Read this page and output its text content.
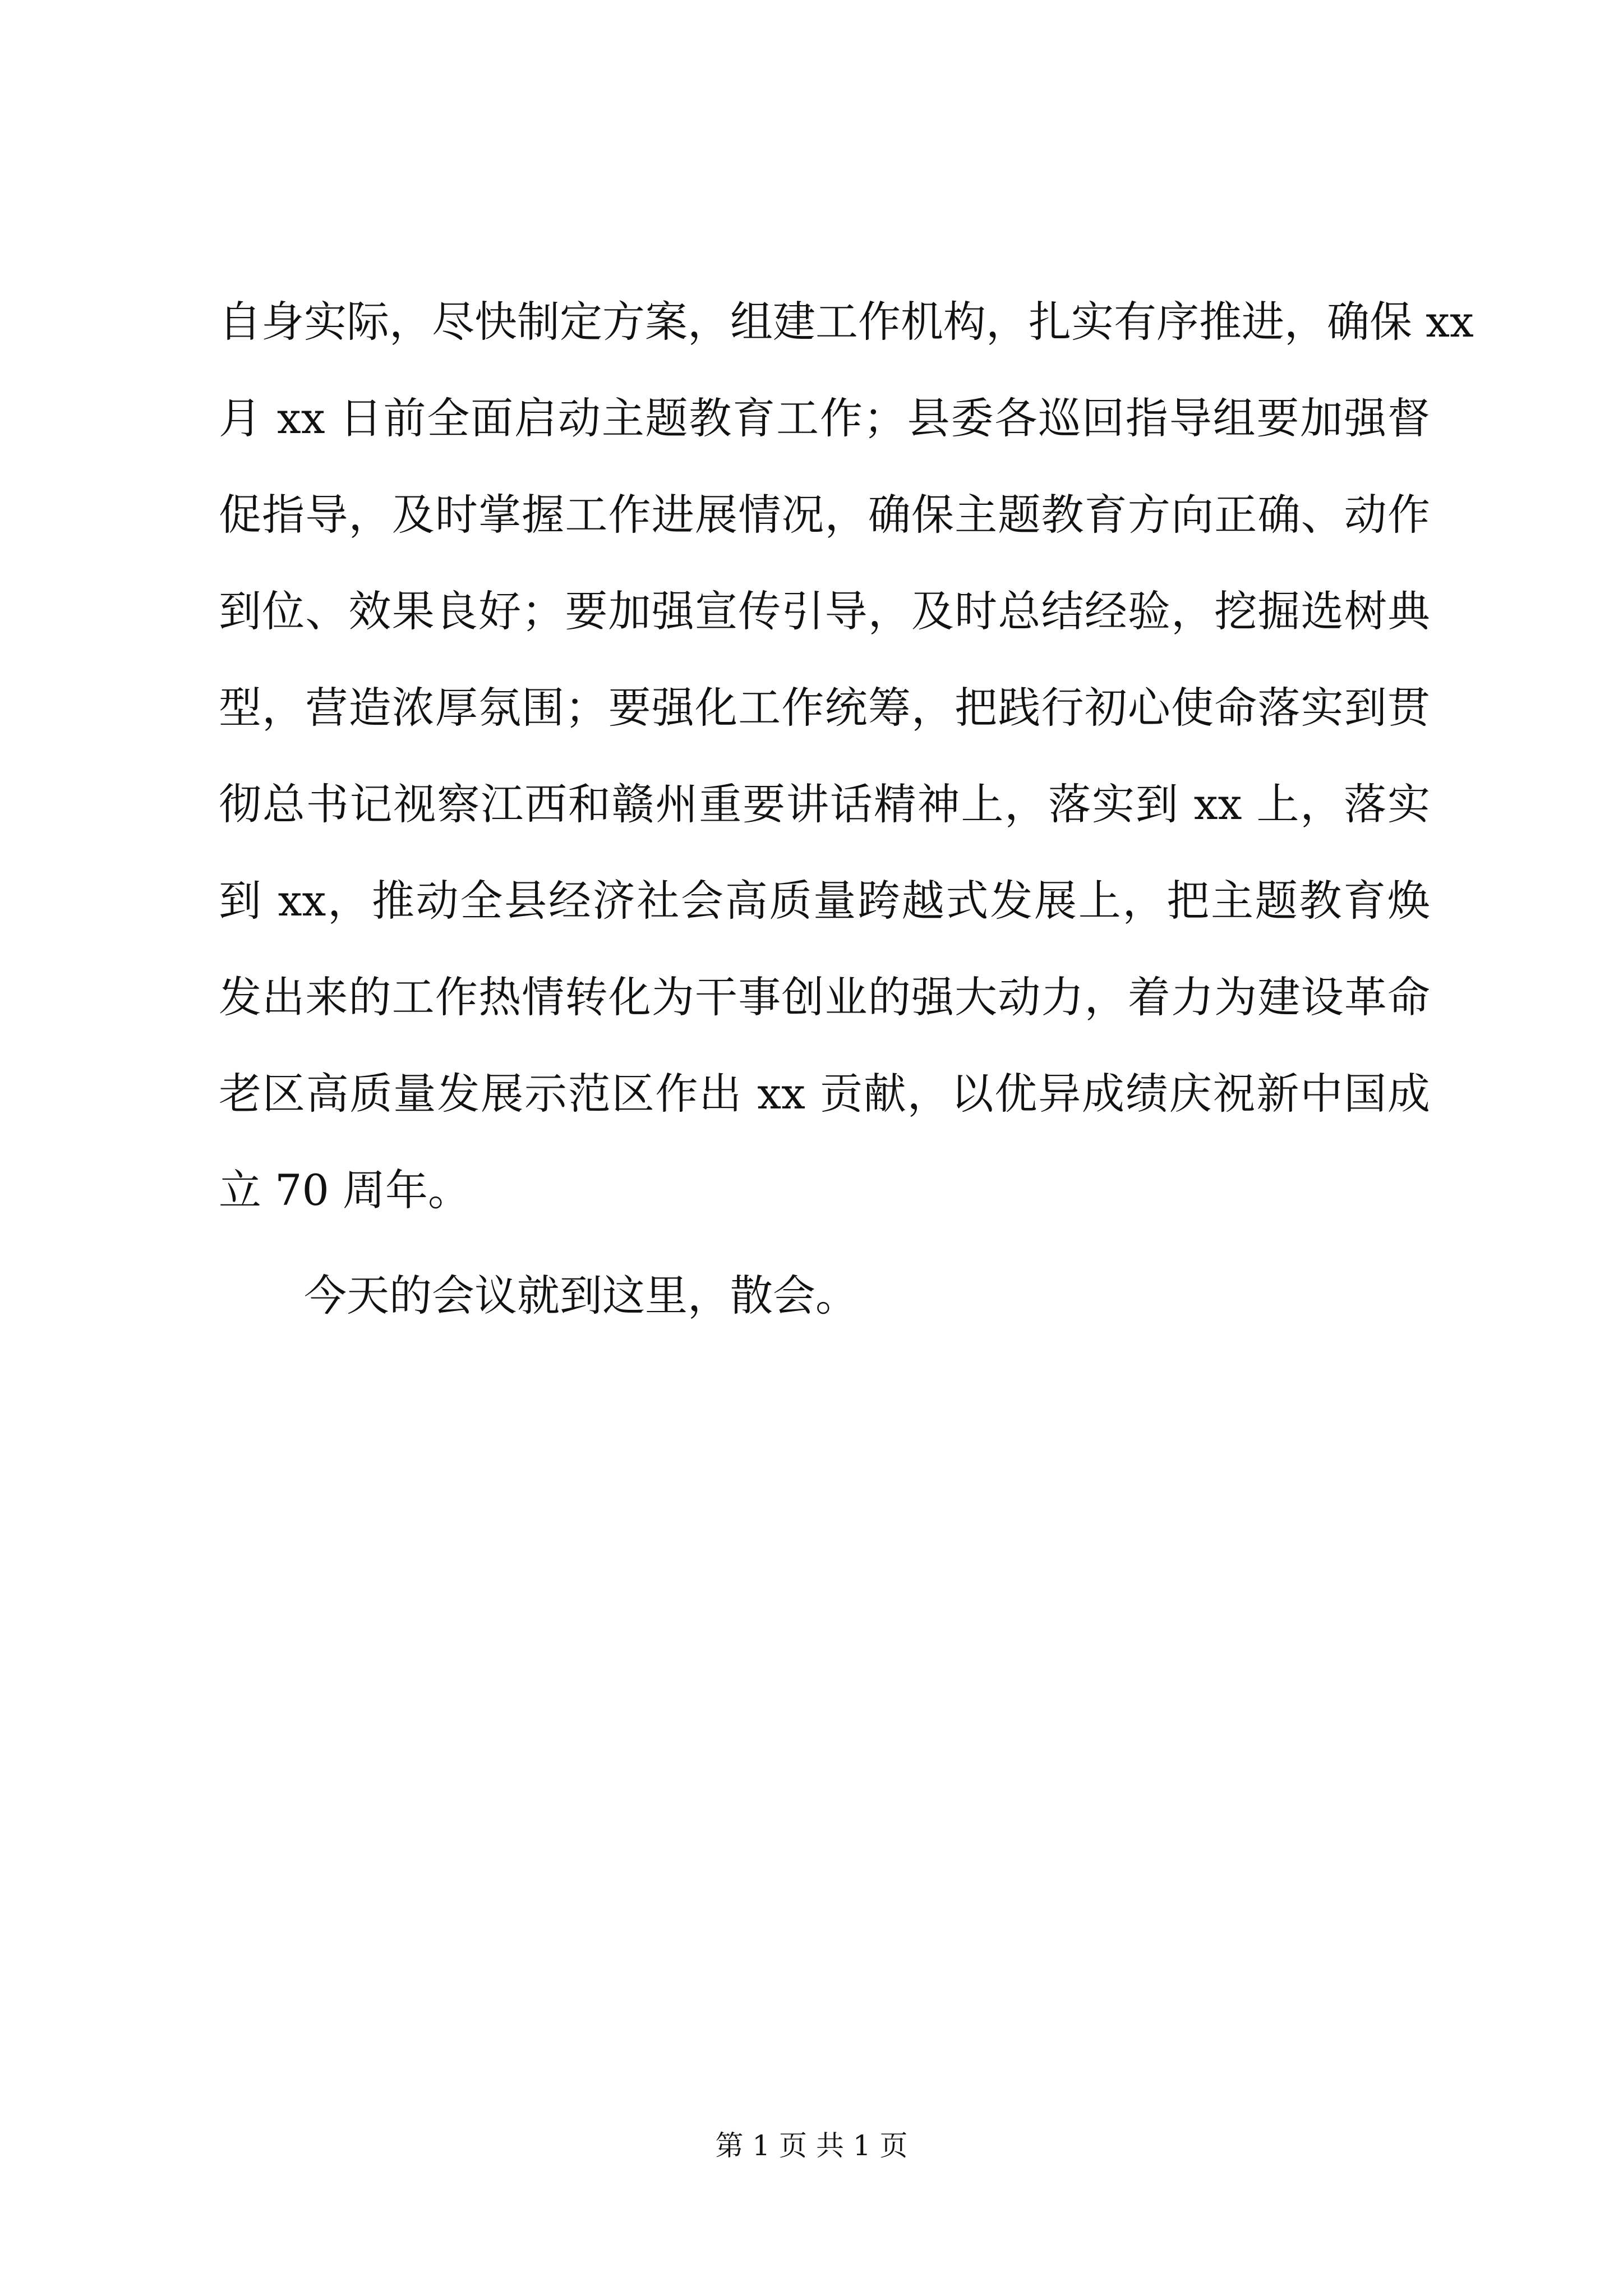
自身实际，尽快制定方案，组建工作机构，扎实有序推进，确保 xx
月 xx 日前全面启动主题教育工作；县委各巡回指导组要加强督
促指导，及时掌握工作进展情况，确保主题教育方向正确、动作
到位、效果良好；要加强宣传引导，及时总结经验，挖掘选树典
型，营造浓厚氛围；要强化工作统筹，把践行初心使命落实到贯
彻总书记视察江西和赣州重要讲话精神上，落实到 xx 上，落实
到 xx，推动全县经济社会高质量跨越式发展上，把主题教育焕
发出来的工作热情转化为干事创业的强大动力，着力为建设革命
老区高质量发展示范区作出 xx 贡献，以优异成绩庆祝新中国成
立 70 周年。
今天的会议就到这里，散会。
第 1 页 共 1 页
